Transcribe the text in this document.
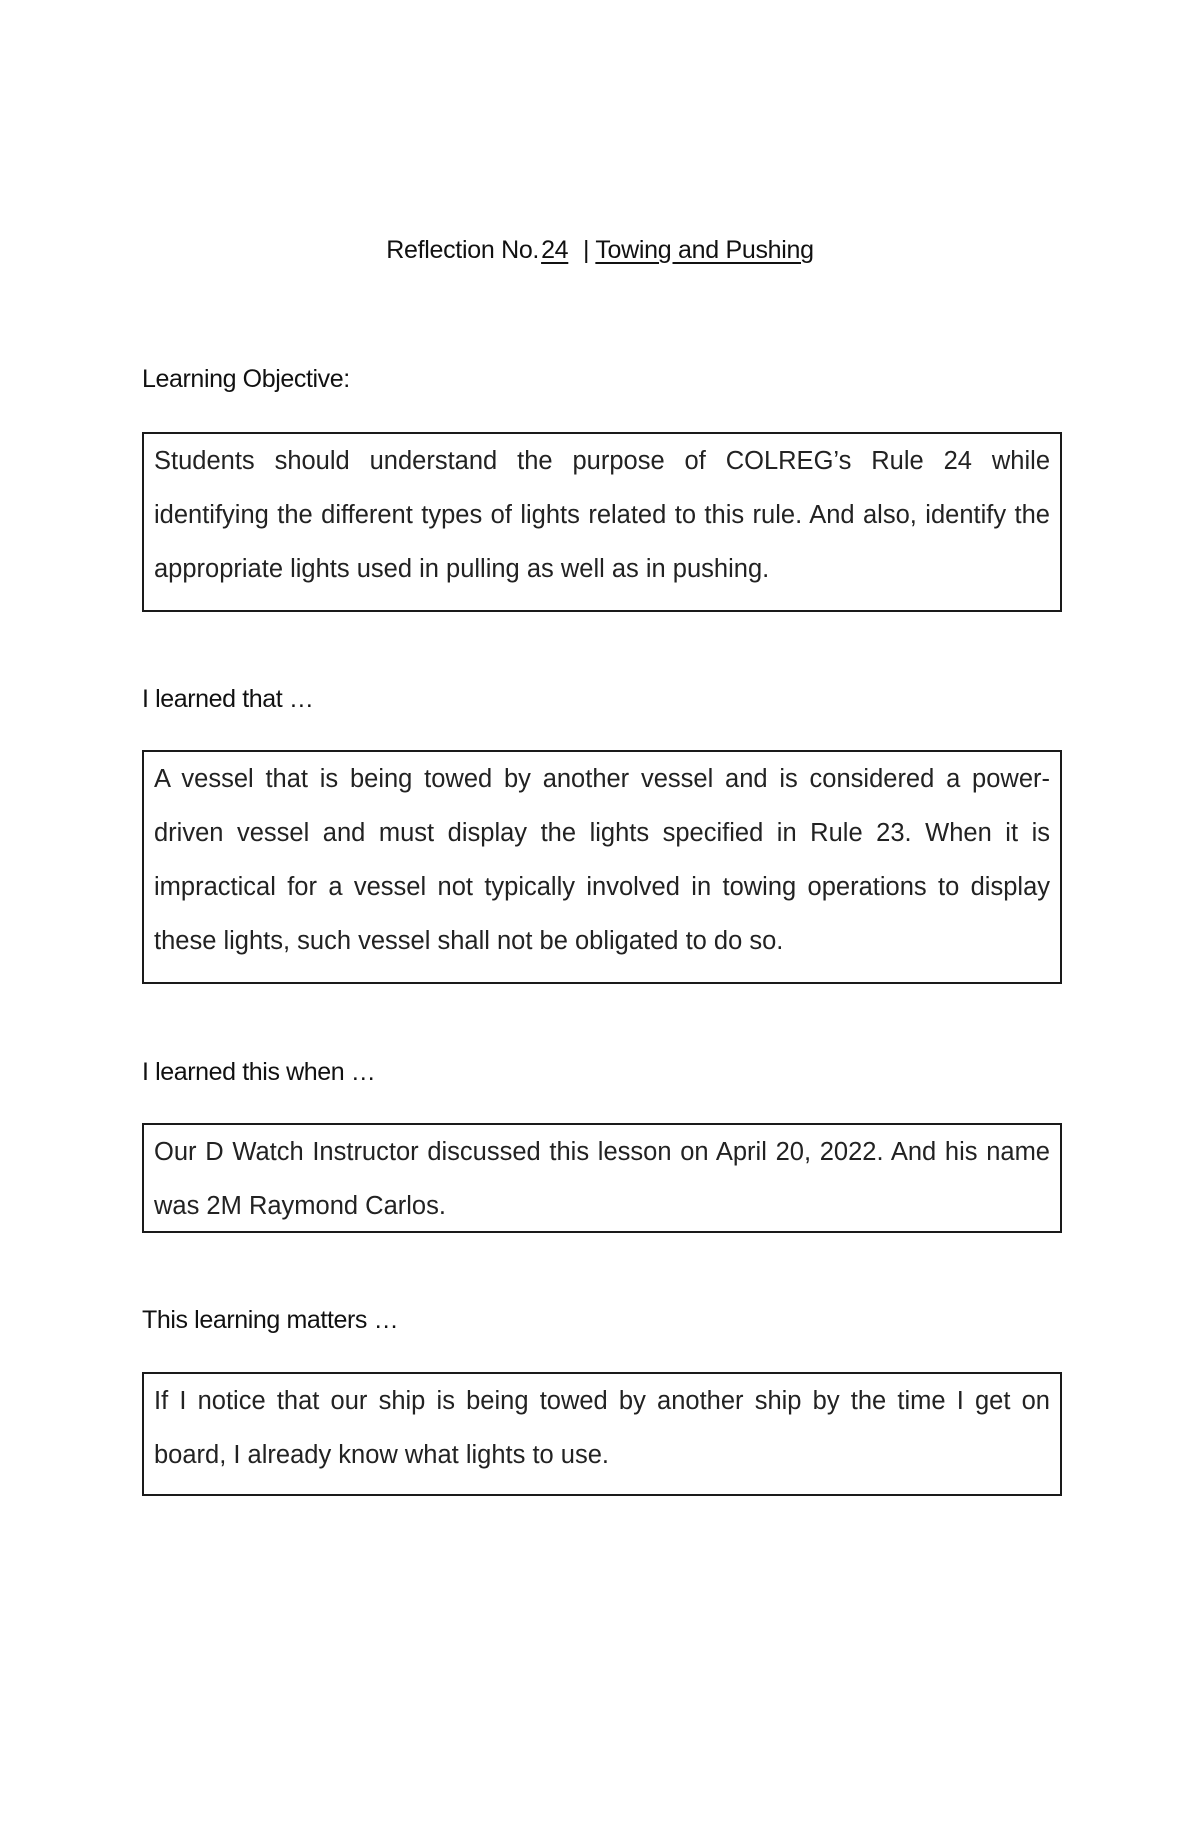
Reflection No.24 | Towing and Pushing
Learning Objective:

Students should understand the purpose of COLREG’s Rule 24 while identifying the different types of lights related to this rule. And also, identify the appropriate lights used in pulling as well as in pushing.

I learned that …

A vessel that is being towed by another vessel and is considered a power-driven vessel and must display the lights specified in Rule 23. When it is impractical for a vessel not typically involved in towing operations to display these lights, such vessel shall not be obligated to do so.

I learned this when …

Our D Watch Instructor discussed this lesson on April 20, 2022. And his name was 2M Raymond Carlos.

This learning matters …

If I notice that our ship is being towed by another ship by the time I get on board, I already know what lights to use.
